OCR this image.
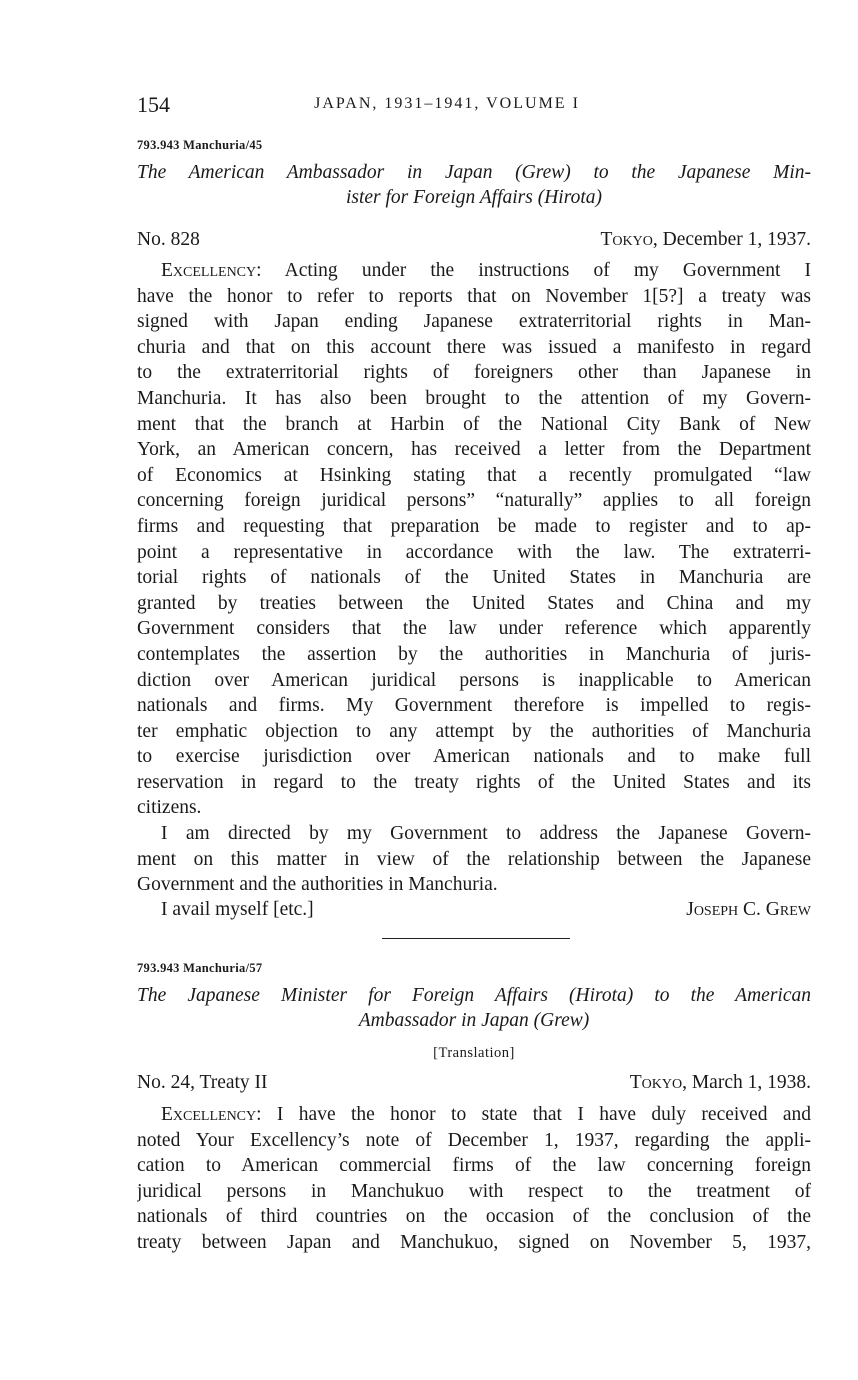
154	JAPAN, 1931–1941, VOLUME I
793.943 Manchuria/45
The American Ambassador in Japan (Grew) to the Japanese Min-
ister for Foreign Affairs (Hirota)
No. 828	Tokyo, December 1, 1937.
Excellency: Acting under the instructions of my Government I
have the honor to refer to reports that on November 1[5?] a treaty was
signed with Japan ending Japanese extraterritorial rights in Man-
churia and that on this account there was issued a manifesto in regard
to the extraterritorial rights of foreigners other than Japanese in
Manchuria. It has also been brought to the attention of my Govern-
ment that the branch at Harbin of the National City Bank of New
York, an American concern, has received a letter from the Department
of Economics at Hsinking stating that a recently promulgated “law
concerning foreign juridical persons” “naturally” applies to all foreign
firms and requesting that preparation be made to register and to ap-
point a representative in accordance with the law. The extraterri-
torial rights of nationals of the United States in Manchuria are
granted by treaties between the United States and China and my
Government considers that the law under reference which apparently
contemplates the assertion by the authorities in Manchuria of juris-
diction over American juridical persons is inapplicable to American
nationals and firms. My Government therefore is impelled to regis-
ter emphatic objection to any attempt by the authorities of Manchuria
to exercise jurisdiction over American nationals and to make full
reservation in regard to the treaty rights of the United States and its
citizens.
I am directed by my Government to address the Japanese Govern-
ment on this matter in view of the relationship between the Japanese
Government and the authorities in Manchuria.
I avail myself [etc.]	Joseph C. Grew
793.943 Manchuria/57
The Japanese Minister for Foreign Affairs (Hirota) to the American
Ambassador in Japan (Grew)
[Translation]
No. 24, Treaty II	Tokyo, March 1, 1938.
Excellency: I have the honor to state that I have duly received and
noted Your Excellency’s note of December 1, 1937, regarding the appli-
cation to American commercial firms of the law concerning foreign
juridical persons in Manchukuo with respect to the treatment of
nationals of third countries on the occasion of the conclusion of the
treaty between Japan and Manchukuo, signed on November 5, 1937,
